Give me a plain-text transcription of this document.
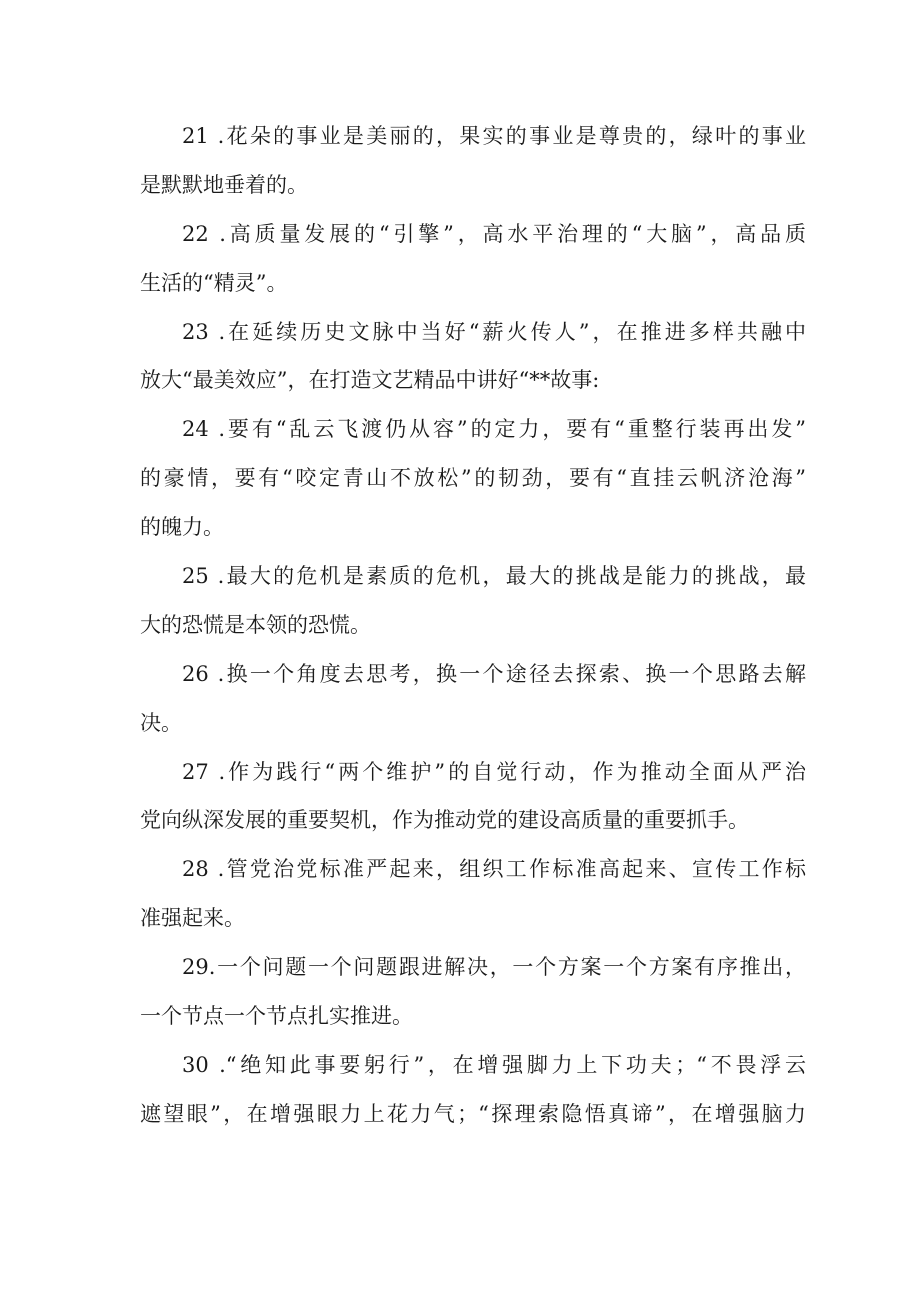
21 .花朵的事业是美丽的，果实的事业是尊贵的，绿叶的事业
是默默地垂着的。
22 .高质量发展的“引擎”，高水平治理的“大脑”，高品质
生活的“精灵”。
23 .在延续历史文脉中当好“薪火传人”，在推进多样共融中
放大“最美效应”，在打造文艺精品中讲好“**故事:
24 .要有“乱云飞渡仍从容”的定力，要有“重整行装再出发”
的豪情，要有“咬定青山不放松”的韧劲，要有“直挂云帆济沧海”
的魄力。
25 .最大的危机是素质的危机，最大的挑战是能力的挑战，最
大的恐慌是本领的恐慌。
26 .换一个角度去思考，换一个途径去探索、换一个思路去解
决。
27 .作为践行“两个维护”的自觉行动，作为推动全面从严治
党向纵深发展的重要契机，作为推动党的建设高质量的重要抓手。
28 .管党治党标准严起来，组织工作标准高起来、宣传工作标
准强起来。
29.一个问题一个问题跟进解决，一个方案一个方案有序推出，
一个节点一个节点扎实推进。
30 .“绝知此事要躬行”，在增强脚力上下功夫；“不畏浮云
遮望眼”，在增强眼力上花力气；“探理索隐悟真谛”，在增强脑力
